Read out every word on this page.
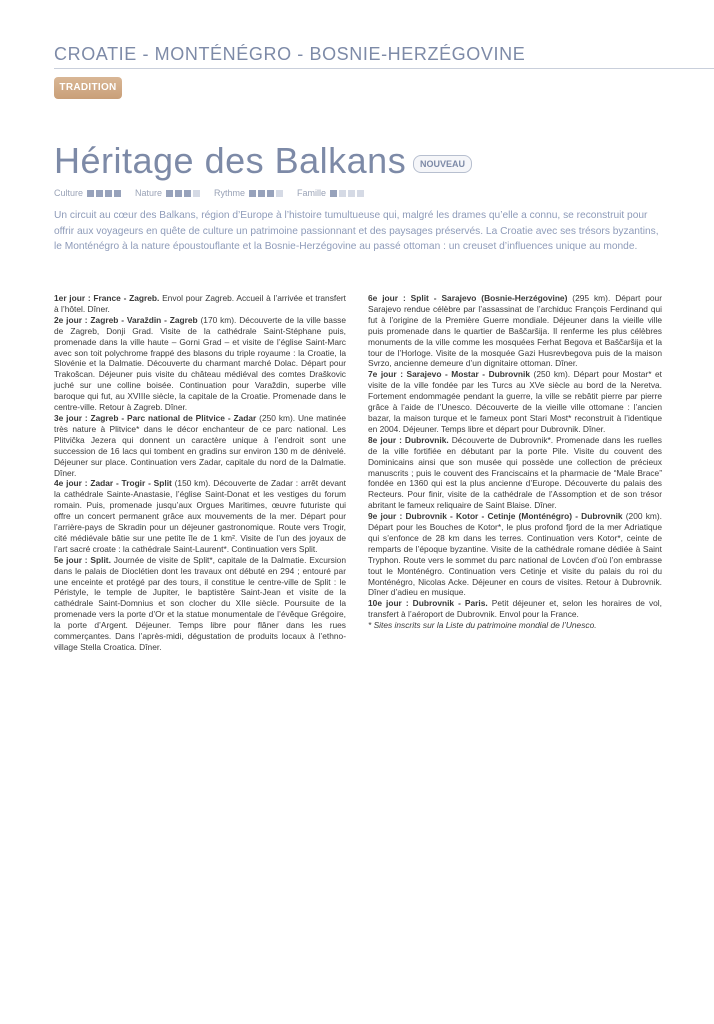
CROATIE - MONTÉNÉGRO - BOSNIE-HERZÉGOVINE
TRADITION
Héritage des Balkans	NOUVEAU
Culture	Nature	Rythme	Famille
Un circuit au cœur des Balkans, région d’Europe à l’histoire tumultueuse qui, malgré les drames qu’elle a connu, se reconstruit pour offrir aux voyageurs en quête de culture un patrimoine passionnant et des paysages préservés. La Croatie avec ses trésors byzantins, le Monténégro à la nature époustouflante et la Bosnie-Herzégovine au passé ottoman : un creuset d’influences unique au monde.

1er jour : France - Zagreb. Envol pour Zagreb. Accueil à l’arrivée et transfert à l’hôtel. Dîner.

2e jour : Zagreb - Varaždin - Zagreb (170 km). Découverte de la ville basse de Zagreb, Donji Grad. Visite de la cathédrale Saint-Stéphane puis, promenade dans la ville haute – Gorni Grad – et visite de l’église Saint-Marc avec son toit polychrome frappé des blasons du triple royaume : la Croatie, la Slovénie et la Dalmatie. Découverte du charmant marché Dolac. Départ pour Trakošcan. Déjeuner puis visite du château médiéval des comtes Draškovic juché sur une colline boisée. Continuation pour Varaždin, superbe ville baroque qui fut, au XVIIIe siècle, la capitale de la Croatie. Promenade dans le centre-ville. Retour à Zagreb. Dîner.

3e jour : Zagreb - Parc national de Plitvice - Zadar (250 km). Une matinée très nature à Plitvice* dans le décor enchanteur de ce parc national. Les Plitvička Jezera qui donnent un caractère unique à l’endroit sont une succession de 16 lacs qui tombent en gradins sur environ 130 m de dénivelé. Déjeuner sur place. Continuation vers Zadar, capitale du nord de la Dalmatie. Dîner.

4e jour : Zadar - Trogir - Split (150 km). Découverte de Zadar : arrêt devant la cathédrale Sainte-Anastasie, l’église Saint-Donat et les vestiges du forum romain. Puis, promenade jusqu’aux Orgues Maritimes, œuvre futuriste qui offre un concert permanent grâce aux mouvements de la mer. Départ pour l’arrière-pays de Skradin pour un déjeuner gastronomique. Route vers Trogir, cité médiévale bâtie sur une petite île de 1 km². Visite de l’un des joyaux de l’art sacré croate : la cathédrale Saint-Laurent*. Continuation vers Split.

5e jour : Split. Journée de visite de Split*, capitale de la Dalmatie. Excursion dans le palais de Dioclétien dont les travaux ont débuté en 294 ; entouré par une enceinte et protégé par des tours, il constitue le centre-ville de Split : le Péristyle, le temple de Jupiter, le baptistère Saint-Jean et visite de la cathédrale Saint-Domnius et son clocher du XIIe siècle. Poursuite de la promenade vers la porte d’Or et la statue monumentale de l’évêque Grégoire, la porte d’Argent. Déjeuner. Temps libre pour flâner dans les rues commerçantes. Dans l’après-midi, dégustation de produits locaux à l’ethno-village Stella Croatica. Dîner.

6e jour : Split - Sarajevo (Bosnie-Herzégovine) (295 km). Départ pour Sarajevo rendue célèbre par l’assassinat de l’archiduc François Ferdinand qui fut à l’origine de la Première Guerre mondiale. Déjeuner dans la vieille ville puis promenade dans le quartier de Baščaršija. Il renferme les plus célèbres monuments de la ville comme les mosquées Ferhat Begova et Baščaršija et la tour de l’Horloge. Visite de la mosquée Gazi Husrevbegova puis de la maison Svrzo, ancienne demeure d’un dignitaire ottoman. Dîner.

7e jour : Sarajevo - Mostar - Dubrovnik (250 km). Départ pour Mostar* et visite de la ville fondée par les Turcs au XVe siècle au bord de la Neretva. Fortement endommagée pendant la guerre, la ville se rebâtit pierre par pierre grâce à l’aide de l’Unesco. Découverte de la vieille ville ottomane : l’ancien bazar, la maison turque et le fameux pont Stari Most* reconstruit à l’identique en 2004. Déjeuner. Temps libre et départ pour Dubrovnik. Dîner.

8e jour : Dubrovnik. Découverte de Dubrovnik*. Promenade dans les ruelles de la ville fortifiée en débutant par la porte Pile. Visite du couvent des Dominicains ainsi que son musée qui possède une collection de précieux manuscrits ; puis le couvent des Franciscains et la pharmacie de “Male Brace” fondée en 1360 qui est la plus ancienne d’Europe. Découverte du palais des Recteurs. Pour finir, visite de la cathédrale de l’Assomption et de son trésor abritant le fameux reliquaire de Saint Blaise. Dîner.

9e jour : Dubrovnik - Kotor - Cetinje (Monténégro) - Dubrovnik (200 km). Départ pour les Bouches de Kotor*, le plus profond fjord de la mer Adriatique qui s’enfonce de 28 km dans les terres. Continuation vers Kotor*, ceinte de remparts de l’époque byzantine. Visite de la cathédrale romane dédiée à Saint Tryphon. Route vers le sommet du parc national de Lovćen d’où l’on embrasse tout le Monténégro. Continuation vers Cetinje et visite du palais du roi du Monténégro, Nicolas Acke. Déjeuner en cours de visites. Retour à Dubrovnik. Dîner d’adieu en musique.

10e jour : Dubrovnik - Paris. Petit déjeuner et, selon les horaires de vol, transfert à l’aéroport de Dubrovnik. Envol pour la France.

* Sites inscrits sur la Liste du patrimoine mondial de l’Unesco.
